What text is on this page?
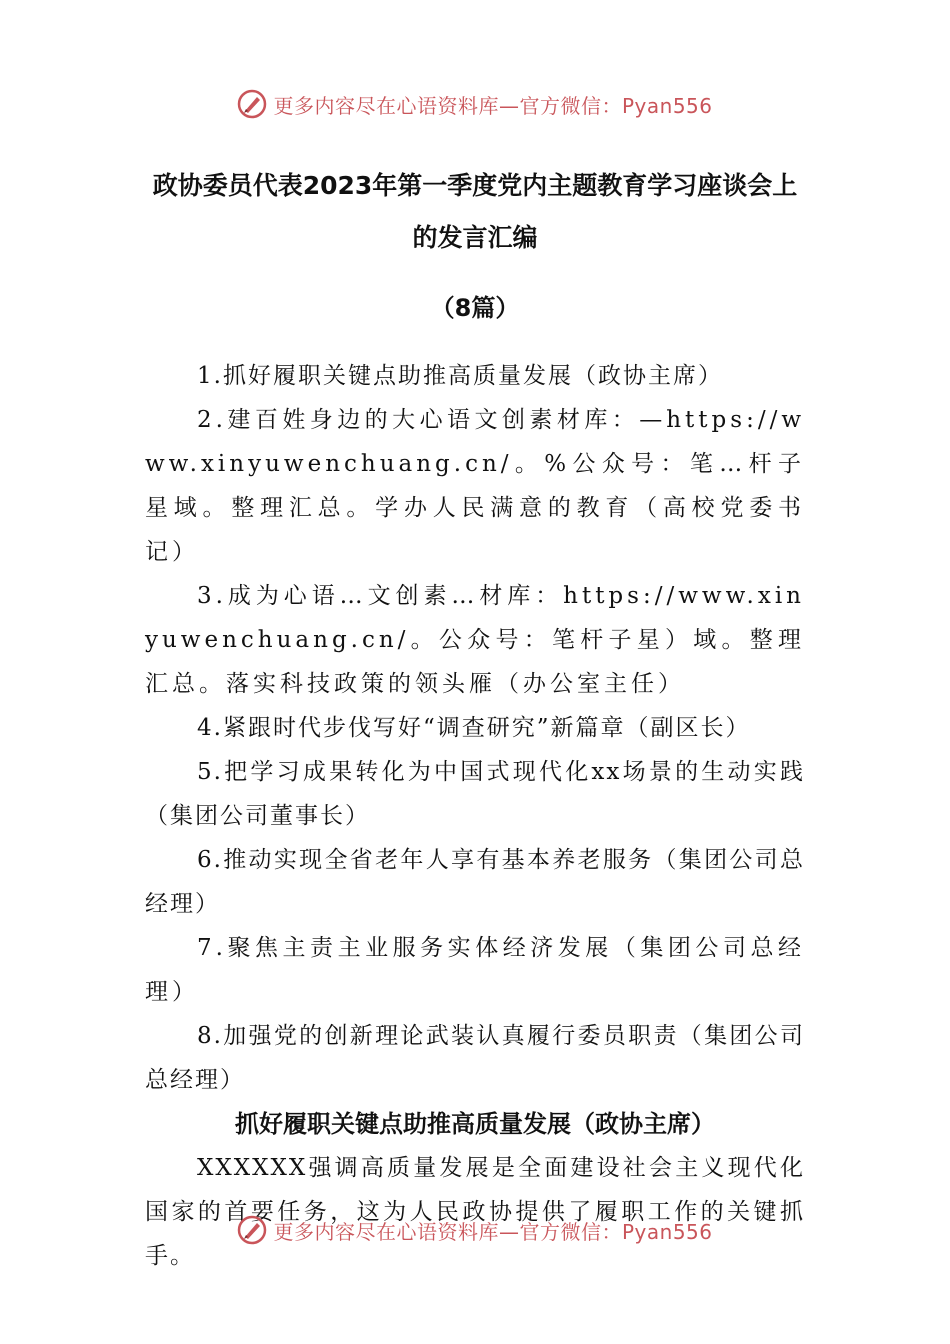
更多内容尽在心语资料库—官方微信：Pyan556

政协委员代表2023年第一季度党内主题教育学习座谈会上

的发言汇编

（8篇）

1.抓好履职关键点助推高质量发展（政协主席）

2.建百姓身边的大心语文创素材库：—https://www.xinyuwenchuang.cn/。%公众号：笔…杆子星域。整理汇总。学办人民满意的教育（高校党委书记）

3.成为心语…文创素…材库：https://www.xinyuwenchuang.cn/。公众号：笔杆子星）域。整理汇总。落实科技政策的领头雁（办公室主任）

4.紧跟时代步伐写好“调查研究”新篇章（副区长）

5.把学习成果转化为中国式现代化xx场景的生动实践（集团公司董事长）

6.推动实现全省老年人享有基本养老服务（集团公司总经理）

7.聚焦主责主业服务实体经济发展（集团公司总经理）

8.加强党的创新理论武装认真履行委员职责（集团公司总经理）

抓好履职关键点助推高质量发展（政协主席）

XXXXXX强调高质量发展是全面建设社会主义现代化国家的首要任务，这为人民政协提供了履职工作的关键抓手。

更多内容尽在心语资料库—官方微信：Pyan556
